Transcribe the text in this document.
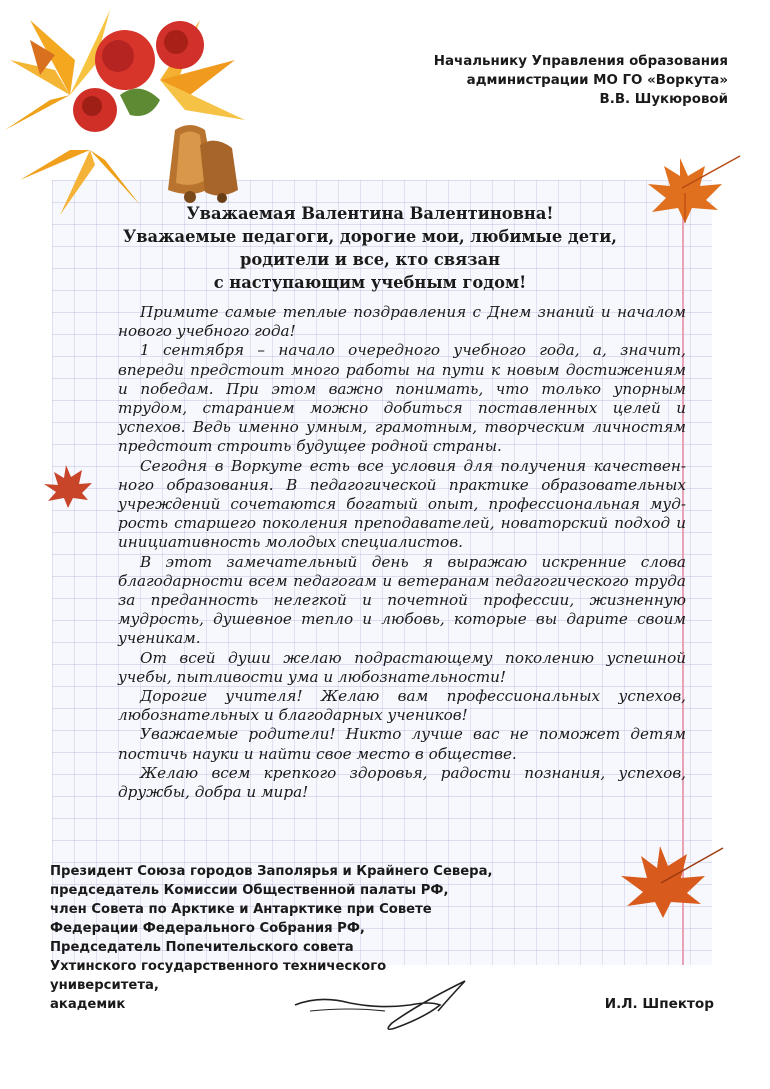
Начальнику Управления образования
администрации МО ГО «Воркута»
В.В. Шукюровой
Уважаемая Валентина Валентиновна!
Уважаемые педагоги, дорогие мои, любимые дети,
родители и все, кто связан
с наступающим учебным годом!

Примите самые теплые поздравления с Днем знаний и началом нового учебного года!

1 сентября – начало очередного учебного года, а, значит, впереди предстоит много работы на пути к новым достижениям и победам. При этом важно понимать, что только упорным трудом, старанием можно добиться поставленных целей и успехов. Ведь именно умным, грамотным, творческим личностям предстоит строить будущее родной страны.

Сегодня в Воркуте есть все условия для получения качествен-ного образования. В педагогической практике образовательных учреждений сочетаются богатый опыт, профессиональная муд-рость старшего поколения преподавателей, новаторский подход и инициативность молодых специалистов.

В этот замечательный день я выражаю искренние слова благодарности всем педагогам и ветеранам педагогического труда за преданность нелегкой и почетной профессии, жизненную мудрость, душевное тепло и любовь, которые вы дарите своим ученикам.

От всей души желаю подрастающему поколению успешной учебы, пытливости ума и любознательности!

Дорогие учителя! Желаю вам профессиональных успехов, любознательных и благодарных учеников!

Уважаемые родители! Никто лучше вас не поможет детям постичь науки и найти свое место в обществе.

Желаю всем крепкого здоровья, радости познания, успехов, дружбы, добра и мира!

Президент Союза городов Заполярья и Крайнего Севера,
председатель Комиссии Общественной палаты РФ,
член Совета по Арктике и Антарктике при Совете
Федерации Федерального Собрания РФ,
Председатель Попечительского совета
Ухтинского государственного технического
университета,
академик	И.Л. Шпектор
